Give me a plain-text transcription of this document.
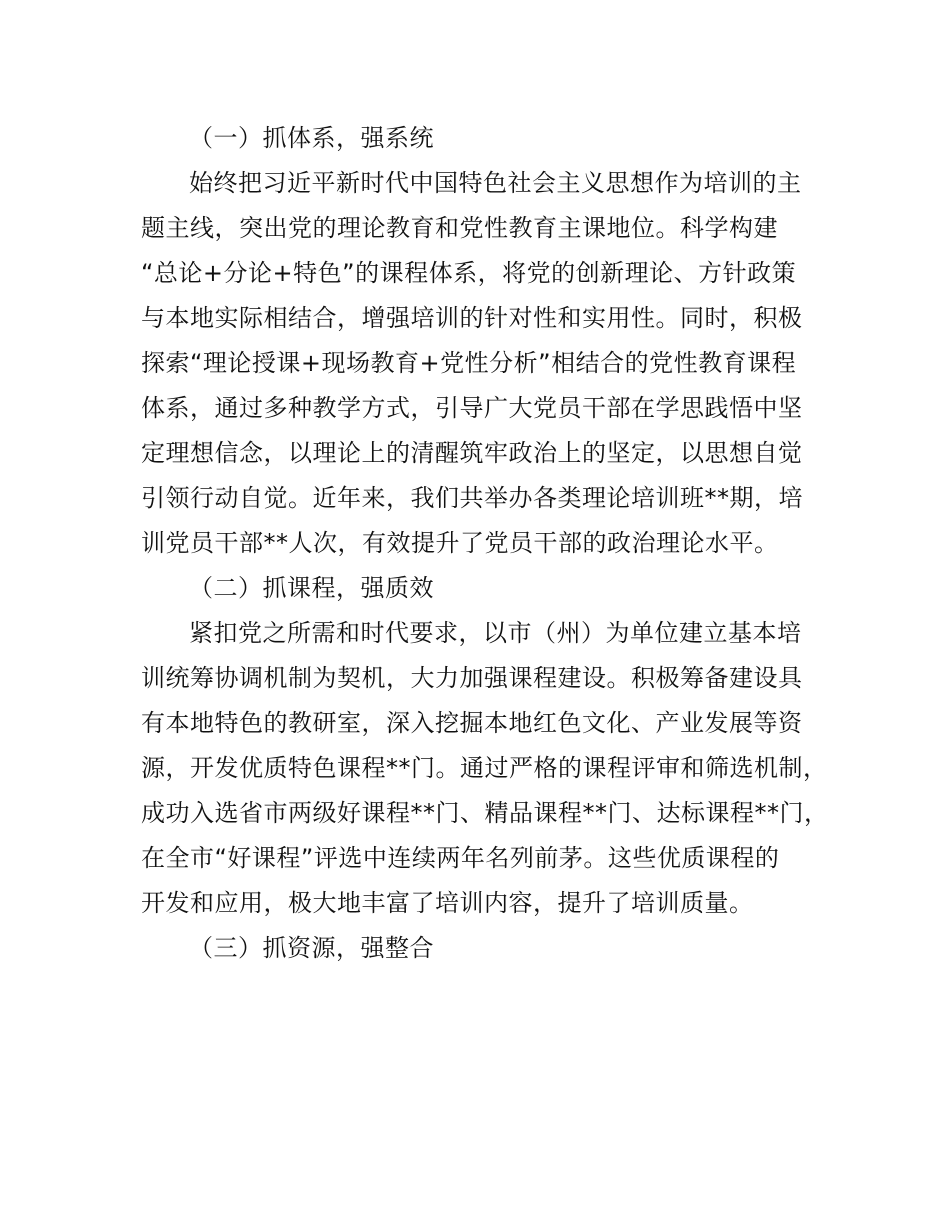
（一）抓体系，强系统
始终把习近平新时代中国特色社会主义思想作为培训的主
题主线，突出党的理论教育和党性教育主课地位。科学构建
“总论+分论+特色”的课程体系，将党的创新理论、方针政策
与本地实际相结合，增强培训的针对性和实用性。同时，积极
探索“理论授课+现场教育+党性分析”相结合的党性教育课程
体系，通过多种教学方式，引导广大党员干部在学思践悟中坚
定理想信念，以理论上的清醒筑牢政治上的坚定，以思想自觉
引领行动自觉。近年来，我们共举办各类理论培训班**期，培
训党员干部**人次，有效提升了党员干部的政治理论水平。
（二）抓课程，强质效
紧扣党之所需和时代要求，以市（州）为单位建立基本培
训统筹协调机制为契机，大力加强课程建设。积极筹备建设具
有本地特色的教研室，深入挖掘本地红色文化、产业发展等资
源，开发优质特色课程**门。通过严格的课程评审和筛选机制，
成功入选省市两级好课程**门、精品课程**门、达标课程**门，
在全市“好课程”评选中连续两年名列前茅。这些优质课程的
开发和应用，极大地丰富了培训内容，提升了培训质量。
（三）抓资源，强整合
